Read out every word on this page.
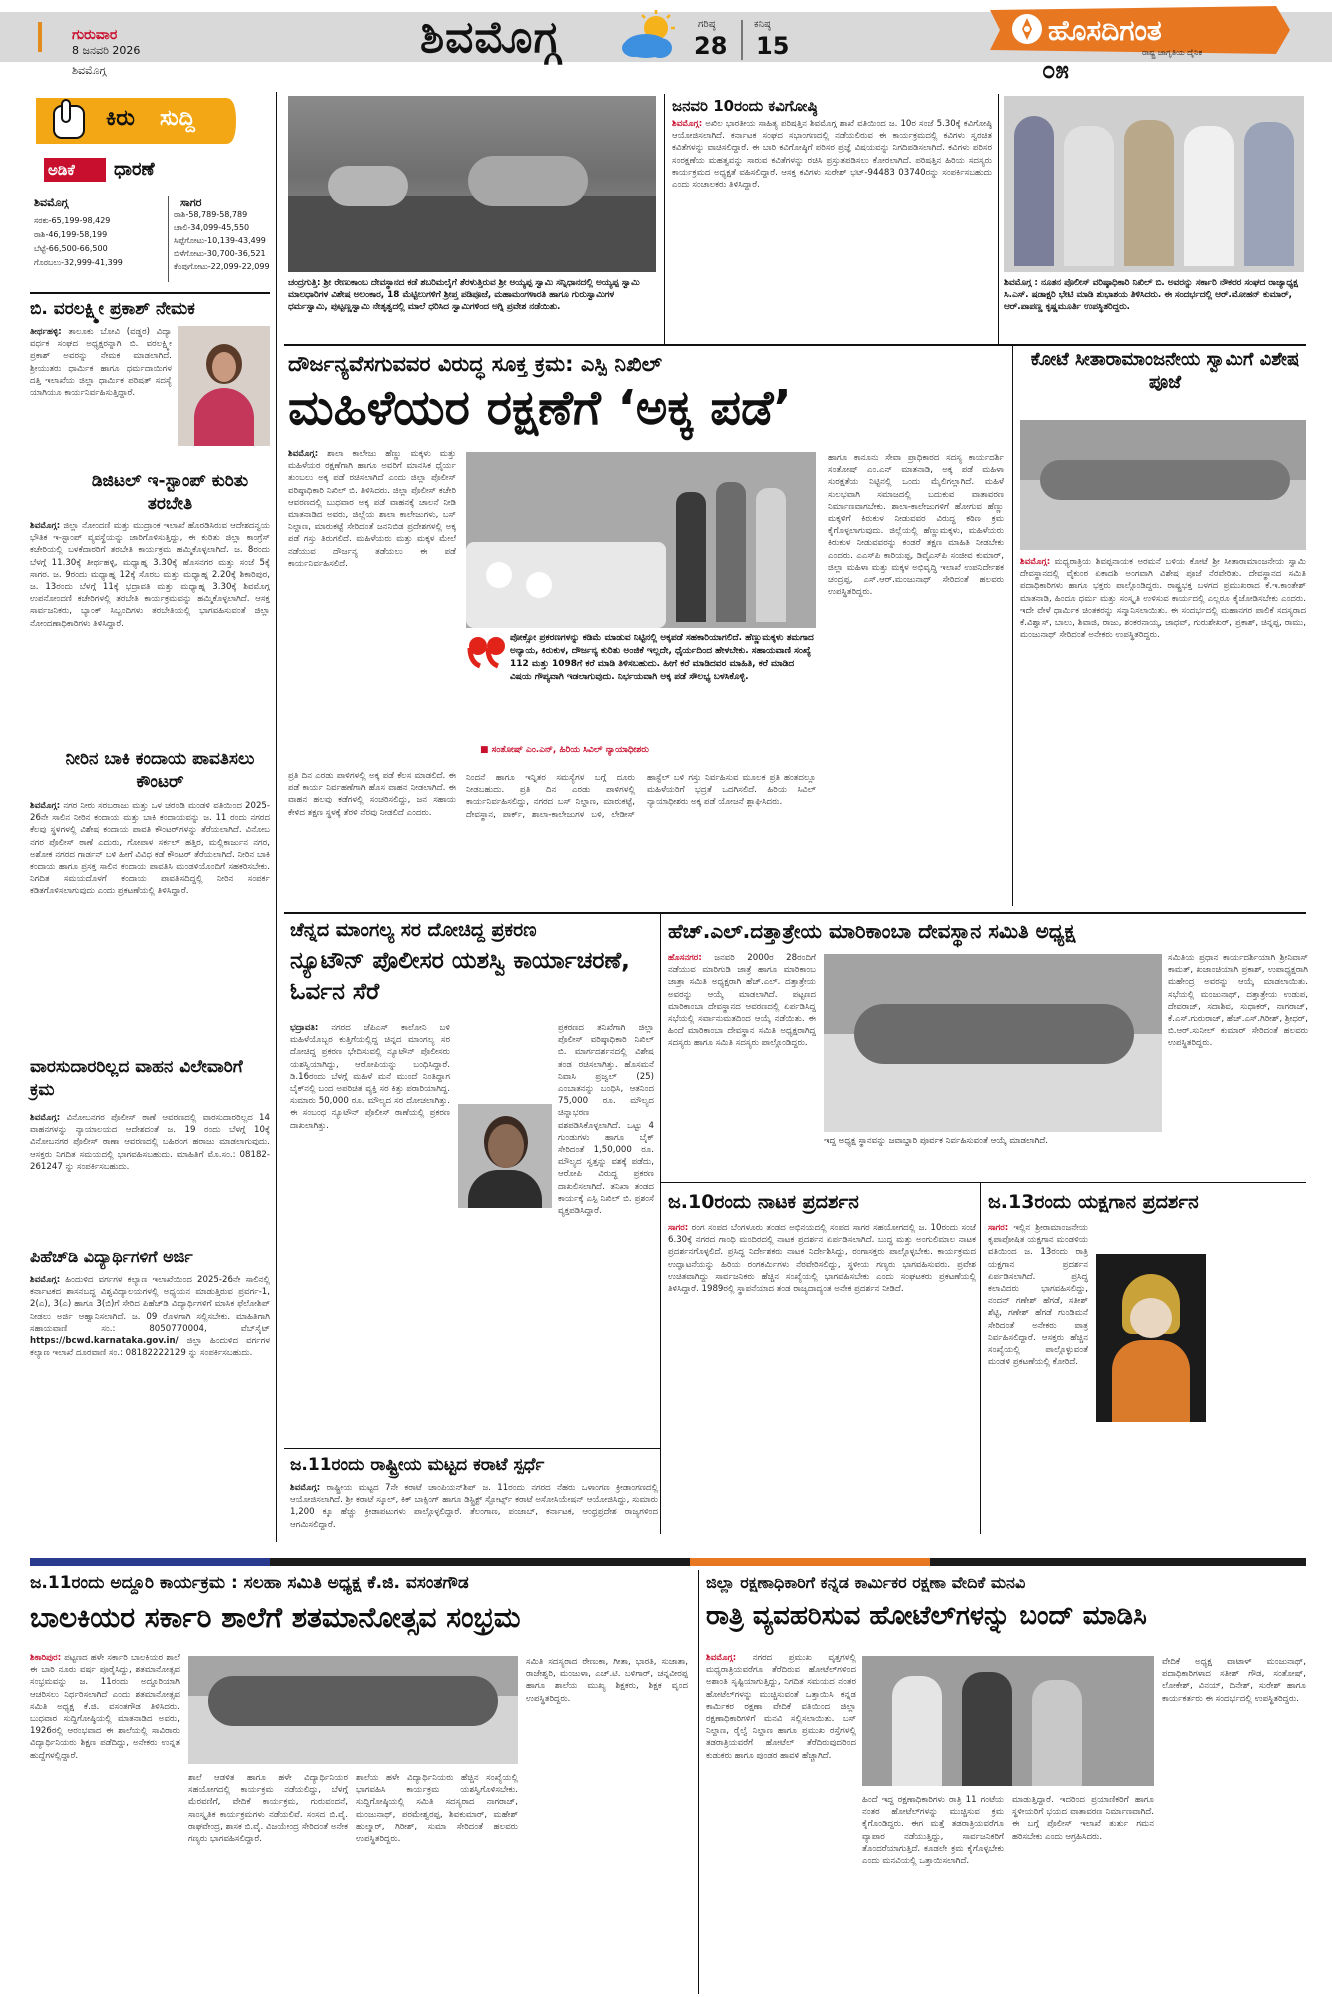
ಗುರುವಾರ
8 ಜನವರಿ 2026
ಶಿವಮೊಗ್ಗ
ಶಿವಮೊಗ್ಗ	ಗರಿಷ್ಠ
28
ಕನಿಷ್ಠ
15	ಹೊಸದಿಗಂತ
ರಾಷ್ಟ್ರ ಜಾಗೃತಿಯ ದೈನಿಕ
೦೫
ಕಿರು ಸುದ್ದಿ
ಅಡಿಕೆ ಧಾರಣೆ
ಶಿವಮೊಗ್ಗ	ಸಾಗರ
ಸರಕು-65,199-98,429
ರಾಶಿ-46,199-58,199
ಬೆಟ್ಟೆ-66,500-66,500
ಗೊರಬಲು-32,999-41,399
ರಾಶಿ-58,789-58,789
ಚಾಲಿ-34,099-45,550
ಸಿಪ್ಪೆಗೋಟು-10,139-43,499
ಬಿಳೆಗೋಟು-30,700-36,521
ಕೆಂಪುಗೋಟು-22,099-22,099
ಬಿ. ವರಲಕ್ಷ್ಮೀ ಪ್ರಕಾಶ್ ನೇಮಕ
ತೀರ್ಥಹಳ್ಳಿ: ತಾಲೂಕು ಬೋವಿ (ವಡ್ಡರ) ವಿದ್ಯಾ ವರ್ಧಕ ಸಂಘದ ಅಧ್ಯಕ್ಷರನ್ನಾಗಿ ಬಿ. ವರಲಕ್ಷ್ಮೀ ಪ್ರಕಾಶ್ ಅವರನ್ನು ನೇಮಕ ಮಾಡಲಾಗಿದೆ. ಶ್ರೀಯುತರು ಧಾರ್ಮಿಕ ಹಾಗೂ ಧರ್ಮದಾಯಿಗಳ ದತ್ತಿ ಇಲಾಖೆಯ ಜಿಲ್ಲಾ ಧಾರ್ಮಿಕ ಪರಿಷತ್ ಸದಸ್ಯೆ ಯಾಗಿಯೂ ಕಾರ್ಯನಿರ್ವಹಿಸುತ್ತಿದ್ದಾರೆ.
ಡಿಜಿಟಲ್ ಇ-ಸ್ಟಾಂಪ್ ಕುರಿತು ತರಬೇತಿ
ಶಿವಮೊಗ್ಗ: ಜಿಲ್ಲಾ ನೋಂದಣಿ ಮತ್ತು ಮುದ್ರಾಂಕ ಇಲಾಖೆ ಹೊರಡಿಸಿರುವ ಆದೇಶದನ್ವಯ ಭೌತಿಕ ಇ-ಸ್ಟಾಂಪ್ ವ್ಯವಸ್ಥೆಯನ್ನು ಜಾರಿಗೊಳಿಸುತ್ತಿದ್ದು, ಈ ಕುರಿತು ಜಿಲ್ಲಾ ಕಾಂಗ್ರೆಸ್ ಕಚೇರಿಯಲ್ಲಿ ಬಳಕೆದಾರರಿಗೆ ತರಬೇತಿ ಕಾರ್ಯಕ್ರಮ ಹಮ್ಮಿಕೊಳ್ಳಲಾಗಿದೆ. ಜ. 8ರಂದು ಬೆಳಗ್ಗೆ 11.30ಕ್ಕೆ ತೀರ್ಥಹಳ್ಳಿ, ಮಧ್ಯಾಹ್ನ 3.30ಕ್ಕೆ ಹೊಸನಗರ ಮತ್ತು ಸಂಜೆ 5ಕ್ಕೆ ಸಾಗರ. ಜ. 9ರಂದು ಮಧ್ಯಾಹ್ನ 12ಕ್ಕೆ ಸೊರಬ ಮತ್ತು ಮಧ್ಯಾಹ್ನ 2.20ಕ್ಕೆ ಶಿಕಾರಿಪುರ, ಜ. 13ರಂದು ಬೆಳಗ್ಗೆ 11ಕ್ಕೆ ಭದ್ರಾವತಿ ಮತ್ತು ಮಧ್ಯಾಹ್ನ 3.30ಕ್ಕೆ ಶಿವಮೊಗ್ಗ ಉಪನೋಂದಣಿ ಕಚೇರಿಗಳಲ್ಲಿ ತರಬೇತಿ ಕಾರ್ಯಕ್ರಮವನ್ನು ಹಮ್ಮಿಕೊಳ್ಳಲಾಗಿದೆ. ಆಸಕ್ತ ಸಾರ್ವಜನಿಕರು, ಬ್ಯಾಂಕ್ ಸಿಬ್ಬಂದಿಗಳು ತರಬೇತಿಯಲ್ಲಿ ಭಾಗವಹಿಸುವಂತೆ ಜಿಲ್ಲಾ ನೋಂದಣಾಧಿಕಾರಿಗಳು ತಿಳಿಸಿದ್ದಾರೆ.
ನೀರಿನ ಬಾಕಿ ಕಂದಾಯ ಪಾವತಿಸಲು ಕೌಂಟರ್
ಶಿವಮೊಗ್ಗ: ನಗರ ನೀರು ಸರಬರಾಜು ಮತ್ತು ಒಳ ಚರಂಡಿ ಮಂಡಳಿ ವತಿಯಿಂದ 2025-26ನೇ ಸಾಲಿನ ನೀರಿನ ಕಂದಾಯ ಮತ್ತು ಬಾಕಿ ಕಂದಾಯವನ್ನು ಜ. 11 ರಂದು ನಗರದ ಕೆಲವು ಸ್ಥಳಗಳಲ್ಲಿ ವಿಶೇಷ ಕಂದಾಯ ಪಾವತಿ ಕೌಂಟರ್‌ಗಳನ್ನು ತೆರೆಯಲಾಗಿದೆ. ವಿನೋಬ ನಗರ ಪೊಲೀಸ್ ಠಾಣೆ ಎದುರು, ಗೋಪಾಳ ಸರ್ಕಲ್ ಹತ್ತಿರ, ಮಲ್ಲಿಕಾರ್ಜುನ ನಗರ, ಅಶೋಕ ನಗರದ ಗಾರ್ಡನ್ ಬಳಿ ಹೀಗೆ ವಿವಿಧ ಕಡೆ ಕೌಂಟರ್ ತೆರೆಯಲಾಗಿದೆ. ನೀರಿನ ಬಾಕಿ ಕಂದಾಯ ಹಾಗೂ ಪ್ರಸಕ್ತ ಸಾಲಿನ ಕಂದಾಯ ಪಾವತಿಸಿ ಮಂಡಳಿಯೊಂದಿಗೆ ಸಹಕರಿಸಬೇಕು. ನಿಗದಿತ ಸಮಯದೊಳಗೆ ಕಂದಾಯ ಪಾವತಿಸದಿದ್ದಲ್ಲಿ ನೀರಿನ ಸಂಪರ್ಕ ಕಡಿತಗೊಳಿಸಲಾಗುವುದು ಎಂದು ಪ್ರಕಟಣೆಯಲ್ಲಿ ತಿಳಿಸಿದ್ದಾರೆ.
ವಾರಸುದಾರರಿಲ್ಲದ ವಾಹನ ವಿಲೇವಾರಿಗೆ ಕ್ರಮ
ಶಿವಮೊಗ್ಗ: ವಿನೋಬನಗರ ಪೊಲೀಸ್ ಠಾಣೆ ಆವರಣದಲ್ಲಿ ವಾರಸುದಾರರಿಲ್ಲದ 14 ವಾಹನಗಳನ್ನು ನ್ಯಾಯಾಲಯದ ಆದೇಶದಂತೆ ಜ. 19 ರಂದು ಬೆಳಗ್ಗೆ 10ಕ್ಕೆ ವಿನೋಬನಗರ ಪೊಲೀಸ್ ಠಾಣಾ ಆವರಣದಲ್ಲಿ ಬಹಿರಂಗ ಹರಾಜು ಮಾಡಲಾಗುವುದು. ಆಸಕ್ತರು ನಿಗದಿತ ಸಮಯದಲ್ಲಿ ಭಾಗವಹಿಸಬಹುದು. ಮಾಹಿತಿಗೆ ಮೊ.ಸಂ.: 08182-261247 ನ್ನು ಸಂಪರ್ಕಿಸಬಹುದು.
ಪಿಹೆಚ್‌ಡಿ ವಿದ್ಯಾರ್ಥಿಗಳಿಗೆ ಅರ್ಜಿ
ಶಿವಮೊಗ್ಗ: ಹಿಂದುಳಿದ ವರ್ಗಗಳ ಕಲ್ಯಾಣ ಇಲಾಖೆಯಿಂದ 2025-26ನೇ ಸಾಲಿನಲ್ಲಿ ಕರ್ನಾಟಕದ ಶಾಸನಬದ್ಧ ವಿಶ್ವವಿದ್ಯಾಲಯಗಳಲ್ಲಿ ಅಧ್ಯಯನ ಮಾಡುತ್ತಿರುವ ಪ್ರವರ್ಗ-1, 2(ಎ), 3(ಎ) ಹಾಗೂ 3(ಬಿ)ಗೆ ಸೇರಿದ ಪಿಹೆಚ್‌ಡಿ ವಿದ್ಯಾರ್ಥಿಗಳಿಗೆ ಮಾಸಿಕ ಫೆಲೋಶಿಪ್ ನೀಡಲು ಅರ್ಜಿ ಆಹ್ವಾನಿಸಲಾಗಿದೆ. ಜ. 09 ರೊಳಗಾಗಿ ಸಲ್ಲಿಸಬೇಕು. ಮಾಹಿತಿಗಾಗಿ ಸಹಾಯವಾಣಿ ಸಂ.: 8050770004, ವೆಬ್‌ಸೈಟ್ https://bcwd.karnataka.gov.in/ ಜಿಲ್ಲಾ ಹಿಂದುಳಿದ ವರ್ಗಗಳ ಕಲ್ಯಾಣ ಇಲಾಖೆ ದೂರವಾಣಿ ಸಂ.: 08182222129 ನ್ನು ಸಂಪರ್ಕಿಸಬಹುದು.
ಚಂದ್ರಗುತ್ತಿ: ಶ್ರೀ ರೇಣುಕಾಂಬ ದೇವಸ್ಥಾನದ ಕಡೆ ಶಬರಿಮಲೈಗೆ ತೆರಳುತ್ತಿರುವ ಶ್ರೀ ಅಯ್ಯಪ್ಪ ಸ್ವಾಮಿ ಸನ್ನಿಧಾನದಲ್ಲಿ ಅಯ್ಯಪ್ಪ ಸ್ವಾಮಿ ಮಾಲಧಾರಿಗಳ ವಿಶೇಷ ಅಲಂಕಾರ, 18 ಮೆಟ್ಟಿಲುಗಳಿಗೆ ಶ್ರೀಪ್ತ ಪಡಿಪೂಜೆ, ಮಹಾಮಂಗಳಾರತಿ ಹಾಗೂ ಗುರುಸ್ವಾಮಿಗಳ ಧರ್ಮಸ್ವಾಮಿ, ಪುಟ್ಟಣ್ಣಸ್ವಾಮಿ ನೇತೃತ್ವದಲ್ಲಿ ಮಾಲೆ ಧರಿಸಿದ ಸ್ವಾಮಿಗಳಿಂದ ಅಗ್ನಿ ಪ್ರವೇಶ ನಡೆಯಿತು.
ಜನವರಿ 10ರಂದು ಕವಿಗೋಷ್ಠಿ
ಶಿವಮೊಗ್ಗ: ಅಖಿಲ ಭಾರತೀಯ ಸಾಹಿತ್ಯ ಪರಿಷತ್ತಿನ ಶಿವಮೊಗ್ಗ ಶಾಖೆ ವತಿಯಿಂದ ಜ. 10ರ ಸಂಜೆ 5.30ಕ್ಕೆ ಕವಿಗೋಷ್ಠಿ ಆಯೋಜಿಸಲಾಗಿದೆ. ಕರ್ನಾಟಕ ಸಂಘದ ಸಭಾಂಗಣದಲ್ಲಿ ನಡೆಯಲಿರುವ ಈ ಕಾರ್ಯಕ್ರಮದಲ್ಲಿ ಕವಿಗಳು ಸ್ವರಚಿತ ಕವಿತೆಗಳನ್ನು ವಾಚಿಸಲಿದ್ದಾರೆ. ಈ ಬಾರಿ ಕವಿಗೋಷ್ಠಿಗೆ ಪರಿಸರ ಪ್ರಜ್ಞೆ ವಿಷಯವನ್ನು ನಿಗದಿಪಡಿಸಲಾಗಿದೆ. ಕವಿಗಳು ಪರಿಸರ ಸಂರಕ್ಷಣೆಯ ಮಹತ್ವವನ್ನು ಸಾರುವ ಕವಿತೆಗಳನ್ನು ರಚಿಸಿ ಪ್ರಸ್ತುತಪಡಿಸಲು ಕೋರಲಾಗಿದೆ. ಪರಿಷತ್ತಿನ ಹಿರಿಯ ಸದಸ್ಯರು ಕಾರ್ಯಕ್ರಮದ ಅಧ್ಯಕ್ಷತೆ ವಹಿಸಲಿದ್ದಾರೆ. ಆಸಕ್ತ ಕವಿಗಳು ಸುರೇಶ್ ಭಟ್-94483 03740ರನ್ನು ಸಂಪರ್ಕಿಸಬಹುದು ಎಂದು ಸಂಚಾಲಕರು ತಿಳಿಸಿದ್ದಾರೆ.
ಶಿವಮೊಗ್ಗ : ನೂತನ ಪೊಲೀಸ್ ವರಿಷ್ಠಾಧಿಕಾರಿ ನಿಖಿಲ್ ಬಿ. ಅವರನ್ನು ಸರ್ಕಾರಿ ನೌಕರರ ಸಂಘದ ರಾಜ್ಯಾಧ್ಯಕ್ಷ ಸಿ.ಎಸ್. ಷಡಾಕ್ಷರಿ ಭೇಟಿ ಮಾಡಿ ಶುಭಾಶಯ ತಿಳಿಸಿದರು. ಈ ಸಂದರ್ಭದಲ್ಲಿ ಆರ್.ಮೋಹನ್ ಕುಮಾರ್, ಆರ್.ಪಾಪಣ್ಣ ಕೃಷ್ಣಮೂರ್ತಿ ಉಪಸ್ಥಿತರಿದ್ದರು.
ದೌರ್ಜನ್ಯವೆಸಗುವವರ ವಿರುದ್ಧ ಸೂಕ್ತ ಕ್ರಮ: ಎಸ್ಪಿ ನಿಖಿಲ್
ಮಹಿಳೆಯರ ರಕ್ಷಣೆಗೆ ‘ಅಕ್ಕ ಪಡೆ’
ಶಿವಮೊಗ್ಗ: ಶಾಲಾ ಕಾಲೇಜು ಹೆಣ್ಣು ಮಕ್ಕಳು ಮತ್ತು ಮಹಿಳೆಯರ ರಕ್ಷಣೆಗಾಗಿ ಹಾಗೂ ಅವರಿಗೆ ಮಾನಸಿಕ ಧೈರ್ಯ ತುಂಬಲು ಅಕ್ಕ ಪಡೆ ರಚಿಸಲಾಗಿದೆ ಎಂದು ಜಿಲ್ಲಾ ಪೊಲೀಸ್ ವರಿಷ್ಠಾಧಿಕಾರಿ ನಿಖಿಲ್ ಬಿ. ತಿಳಿಸಿದರು. ಜಿಲ್ಲಾ ಪೊಲೀಸ್ ಕಚೇರಿ ಆವರಣದಲ್ಲಿ ಬುಧವಾರ ಅಕ್ಕ ಪಡೆ ವಾಹನಕ್ಕೆ ಚಾಲನೆ ನೀಡಿ ಮಾತನಾಡಿದ ಅವರು, ಜಿಲ್ಲೆಯ ಶಾಲಾ ಕಾಲೇಜುಗಳು, ಬಸ್ ನಿಲ್ದಾಣ, ಮಾರುಕಟ್ಟೆ ಸೇರಿದಂತೆ ಜನನಿಬಿಡ ಪ್ರದೇಶಗಳಲ್ಲಿ ಅಕ್ಕ ಪಡೆ ಗಸ್ತು ತಿರುಗಲಿದೆ. ಮಹಿಳೆಯರು ಮತ್ತು ಮಕ್ಕಳ ಮೇಲೆ ನಡೆಯುವ ದೌರ್ಜನ್ಯ ತಡೆಯಲು ಈ ಪಡೆ ಕಾರ್ಯನಿರ್ವಹಿಸಲಿದೆ.
ಪ್ರತಿ ದಿನ ಎರಡು ಪಾಳಿಗಳಲ್ಲಿ ಅಕ್ಕ ಪಡೆ ಕೆಲಸ ಮಾಡಲಿದೆ. ಈ ಪಡೆ ಕಾರ್ಯ ನಿರ್ವಹಣೆಗಾಗಿ ಹೊಸ ವಾಹನ ನೀಡಲಾಗಿದೆ. ಈ ವಾಹನ ಹಲವು ಕಡೆಗಳಲ್ಲಿ ಸಂಚರಿಸಲಿದ್ದು, ಜನ ಸಹಾಯ ಕೇಳಿದ ತಕ್ಷಣ ಸ್ಥಳಕ್ಕೆ ತೆರಳಿ ನೆರವು ನೀಡಲಿದೆ ಎಂದರು.
ಪೋಕ್ಸೋ ಪ್ರಕರಣಗಳನ್ನು ಕಡಿಮೆ ಮಾಡುವ ನಿಟ್ಟಿನಲ್ಲಿ ಅಕ್ಕಪಡೆ ಸಹಕಾರಿಯಾಗಲಿದೆ. ಹೆಣ್ಣುಮಕ್ಕಳು ತಮಗಾದ ಅನ್ಯಾಯ, ಕಿರುಕುಳ, ದೌರ್ಜನ್ಯ ಕುರಿತು ಅಂಜಿಕೆ ಇಲ್ಲದೇ, ಧೈರ್ಯದಿಂದ ಹೇಳಬೇಕು. ಸಹಾಯವಾಣಿ ಸಂಖ್ಯೆ 112 ಮತ್ತು 1098ಗೆ ಕರೆ ಮಾಡಿ ತಿಳಿಸಬಹುದು. ಹೀಗೆ ಕರೆ ಮಾಡಿದವರ ಮಾಹಿತಿ, ಕರೆ ಮಾಡಿದ ವಿಷಯ ಗೌಪ್ಯವಾಗಿ ಇಡಲಾಗುವುದು. ನಿರ್ಭಯವಾಗಿ ಅಕ್ಕ ಪಡೆ ಸೌಲಭ್ಯ ಬಳಸಿಕೊಳ್ಳಿ.
■ ಸಂತೋಷ್ ಎಂ.ಎನ್, ಹಿರಿಯ ಸಿವಿಲ್ ನ್ಯಾಯಾಧೀಶರು
ಹಾಗೂ ಕಾನೂನು ಸೇವಾ ಪ್ರಾಧಿಕಾರದ ಸದಸ್ಯ ಕಾರ್ಯದರ್ಶಿ ಸಂತೋಷ್ ಎಂ.ಎನ್ ಮಾತನಾಡಿ, ಅಕ್ಕ ಪಡೆ ಮಹಿಳಾ ಸುರಕ್ಷತೆಯ ನಿಟ್ಟಿನಲ್ಲಿ ಒಂದು ಮೈಲಿಗಲ್ಲಾಗಿದೆ. ಮಹಿಳೆ ಸುಲಭವಾಗಿ ಸಮಾಜದಲ್ಲಿ ಬದುಕುವ ವಾತಾವರಣ ನಿರ್ಮಾಣವಾಗಬೇಕು. ಶಾಲಾ-ಕಾಲೇಜುಗಳಿಗೆ ಹೋಗುವ ಹೆಣ್ಣು ಮಕ್ಕಳಿಗೆ ಕಿರುಕುಳ ನೀಡುವವರ ವಿರುದ್ಧ ಕಠಿಣ ಕ್ರಮ ಕೈಗೊಳ್ಳಲಾಗುವುದು. ಜಿಲ್ಲೆಯಲ್ಲಿ ಹೆಣ್ಣುಮಕ್ಕಳು, ಮಹಿಳೆಯರು ಕಿರುಕುಳ ನೀಡುವವರನ್ನು ಕಂಡರೆ ತಕ್ಷಣ ಮಾಹಿತಿ ನೀಡಬೇಕು ಎಂದರು. ಎಎಸ್‌ಪಿ ಕಾರಿಯಪ್ಪ, ಡಿವೈಎಸ್‌ಪಿ ಸಂಜೀವ ಕುಮಾರ್, ಜಿಲ್ಲಾ ಮಹಿಳಾ ಮತ್ತು ಮಕ್ಕಳ ಅಭಿವೃದ್ಧಿ ಇಲಾಖೆ ಉಪನಿರ್ದೇಶಕ ಚಂದ್ರಪ್ಪ, ಎಸ್.ಆರ್.ಮಂಜುನಾಥ್ ಸೇರಿದಂತೆ ಹಲವರು ಉಪಸ್ಥಿತರಿದ್ದರು.
ನಿಂದನೆ ಹಾಗೂ ಇನ್ನಿತರ ಸಮಸ್ಯೆಗಳ ಬಗ್ಗೆ ದೂರು ನೀಡಬಹುದು. ಪ್ರತಿ ದಿನ ಎರಡು ಪಾಳಿಗಳಲ್ಲಿ ಕಾರ್ಯನಿರ್ವಹಿಸಲಿದ್ದು, ನಗರದ ಬಸ್ ನಿಲ್ದಾಣ, ಮಾರುಕಟ್ಟೆ, ದೇವಸ್ಥಾನ, ಪಾರ್ಕ್, ಶಾಲಾ-ಕಾಲೇಜುಗಳ ಬಳಿ, ಲೇಡೀಸ್ ಹಾಸ್ಟೆಲ್ ಬಳಿ ಗಸ್ತು ನಿರ್ವಹಿಸುವ ಮೂಲಕ ಪ್ರತಿ ಹಂತದಲ್ಲೂ ಮಹಿಳೆಯರಿಗೆ ಭದ್ರತೆ ಒದಗಿಸಲಿದೆ. ಹಿರಿಯ ಸಿವಿಲ್ ನ್ಯಾಯಾಧೀಶರು ಅಕ್ಕ ಪಡೆ ಯೋಜನೆ ಶ್ಲಾಘಿಸಿದರು.
ಕೋಟೆ ಸೀತಾರಾಮಾಂಜನೇಯ ಸ್ವಾಮಿಗೆ ವಿಶೇಷ ಪೂಜೆ
ಶಿವಮೊಗ್ಗ: ಮಧ್ಯರಾತ್ರಿಯ ಶಿವಪ್ಪನಾಯಕ ಅರಮನೆ ಬಳಿಯ ಕೋಟೆ ಶ್ರೀ ಸೀತಾರಾಮಾಂಜನೇಯ ಸ್ವಾಮಿ ದೇವಸ್ಥಾನದಲ್ಲಿ ವೈಕುಂಠ ಏಕಾದಶಿ ಅಂಗವಾಗಿ ವಿಶೇಷ ಪೂಜೆ ನೆರವೇರಿತು. ದೇವಸ್ಥಾನದ ಸಮಿತಿ ಪದಾಧಿಕಾರಿಗಳು ಹಾಗೂ ಭಕ್ತರು ಪಾಲ್ಗೊಂಡಿದ್ದರು. ರಾಷ್ಟ್ರಭಕ್ತ ಬಳಗದ ಪ್ರಮುಖರಾದ ಕೆ.ಇ.ಕಾಂತೇಶ್ ಮಾತನಾಡಿ, ಹಿಂದೂ ಧರ್ಮ ಮತ್ತು ಸಂಸ್ಕೃತಿ ಉಳಿಸುವ ಕಾರ್ಯದಲ್ಲಿ ಎಲ್ಲರೂ ಕೈಜೋಡಿಸಬೇಕು ಎಂದರು. ಇದೇ ವೇಳೆ ಧಾರ್ಮಿಕ ಚಿಂತಕರನ್ನು ಸನ್ಮಾನಿಸಲಾಯಿತು. ಈ ಸಂದರ್ಭದಲ್ಲಿ ಮಹಾನಗರ ಪಾಲಿಕೆ ಸದಸ್ಯರಾದ ಕೆ.ವಿಶ್ವಾಸ್, ಬಾಲು, ಶಿವಾಜಿ, ರಾಜು, ಶಂಕರನಾಯ್ಕ, ಜಾಧವ್, ಗುರುಶೇಖರ್, ಪ್ರಕಾಶ್, ಚಿನ್ನಪ್ಪ, ರಾಮು, ಮಂಜುನಾಥ್ ಸೇರಿದಂತೆ ಅನೇಕರು ಉಪಸ್ಥಿತರಿದ್ದರು.
ಚೆನ್ನದ ಮಾಂಗಲ್ಯ ಸರ ದೋಚಿದ್ದ ಪ್ರಕರಣ
ನ್ಯೂಟೌನ್ ಪೊಲೀಸರ ಯಶಸ್ವಿ ಕಾರ್ಯಾಚರಣೆ, ಓರ್ವನ ಸೆರೆ
ಭದ್ರಾವತಿ: ನಗರದ ಜೆಪಿಎಸ್ ಕಾಲೋನಿ ಬಳಿ ಮಹಿಳೆಯೊಬ್ಬರ ಕುತ್ತಿಗೆಯಲ್ಲಿದ್ದ ಚಿನ್ನದ ಮಾಂಗಲ್ಯ ಸರ ದೋಚಿದ್ದ ಪ್ರಕರಣ ಭೇದಿಸುವಲ್ಲಿ ನ್ಯೂಟೌನ್ ಪೊಲೀಸರು ಯಶಸ್ವಿಯಾಗಿದ್ದು, ಆರೋಪಿಯನ್ನು ಬಂಧಿಸಿದ್ದಾರೆ. ಡಿ.16ರಂದು ಬೆಳಗ್ಗೆ ಮಹಿಳೆ ಮನೆ ಮುಂದೆ ನಿಂತಿದ್ದಾಗ ಬೈಕ್‌ನಲ್ಲಿ ಬಂದ ಅಪರಿಚಿತ ವ್ಯಕ್ತಿ ಸರ ಕಿತ್ತು ಪರಾರಿಯಾಗಿದ್ದ. ಸುಮಾರು 50,000 ರೂ. ಮೌಲ್ಯದ ಸರ ದೋಚಲಾಗಿತ್ತು. ಈ ಸಂಬಂಧ ನ್ಯೂಟೌನ್ ಪೊಲೀಸ್ ಠಾಣೆಯಲ್ಲಿ ಪ್ರಕರಣ ದಾಖಲಾಗಿತ್ತು.
ಪ್ರಕರಣದ ತನಿಖೆಗಾಗಿ ಜಿಲ್ಲಾ ಪೊಲೀಸ್ ವರಿಷ್ಠಾಧಿಕಾರಿ ನಿಖಿಲ್ ಬಿ. ಮಾರ್ಗದರ್ಶನದಲ್ಲಿ ವಿಶೇಷ ತಂಡ ರಚಿಸಲಾಗಿತ್ತು. ಹೊಸಮನೆ ನಿವಾಸಿ ಪ್ರಜ್ವಲ್ (25) ಎಂಬಾತನನ್ನು ಬಂಧಿಸಿ, ಆತನಿಂದ 75,000 ರೂ. ಮೌಲ್ಯದ ಚಿನ್ನಾಭರಣ ವಶಪಡಿಸಿಕೊಳ್ಳಲಾಗಿದೆ. ಒಟ್ಟು 4 ಗುಂಡುಗಳು ಹಾಗೂ ಬೈಕ್ ಸೇರಿದಂತೆ 1,50,000 ರೂ. ಮೌಲ್ಯದ ಸ್ವತ್ತನ್ನು ವಶಕ್ಕೆ ಪಡೆದು, ಆರೋಪಿ ವಿರುದ್ಧ ಪ್ರಕರಣ ದಾಖಲಿಸಲಾಗಿದೆ. ತನಿಖಾ ತಂಡದ ಕಾರ್ಯಕ್ಕೆ ಎಸ್ಪಿ ನಿಖಿಲ್ ಬಿ. ಪ್ರಶಂಸೆ ವ್ಯಕ್ತಪಡಿಸಿದ್ದಾರೆ.
ಜ.11ರಂದು ರಾಷ್ಟ್ರೀಯ ಮಟ್ಟದ ಕರಾಟೆ ಸ್ಪರ್ಧೆ
ಶಿವಮೊಗ್ಗ: ರಾಷ್ಟ್ರೀಯ ಮಟ್ಟದ 7ನೇ ಕರಾಟೆ ಚಾಂಪಿಯನ್‌ಶಿಪ್ ಜ. 11ರಂದು ನಗರದ ನೆಹರು ಒಳಾಂಗಣ ಕ್ರೀಡಾಂಗಣದಲ್ಲಿ ಆಯೋಜಿಸಲಾಗಿದೆ. ಶ್ರೀ ಕರಾಟೆ ಸ್ಕೂಲ್, ಕಿಕ್ ಬಾಕ್ಸಿಂಗ್ ಹಾಗೂ ಡಿಸ್ಟ್ರಿಕ್ಟ್ ಸ್ಪೋರ್ಟ್ಸ್ ಕರಾಟೆ ಅಸೋಸಿಯೇಷನ್ ಆಯೋಜಿಸಿದ್ದು, ಸುಮಾರು 1,200 ಕ್ಕೂ ಹೆಚ್ಚು ಕ್ರೀಡಾಪಟುಗಳು ಪಾಲ್ಗೊಳ್ಳಲಿದ್ದಾರೆ. ತೆಲಂಗಾಣ, ಪಂಜಾಬ್, ಕರ್ನಾಟಕ, ಆಂಧ್ರಪ್ರದೇಶ ರಾಜ್ಯಗಳಿಂದ ಆಗಮಿಸಲಿದ್ದಾರೆ.
ಹೆಚ್.ಎಲ್.ದತ್ತಾತ್ರೇಯ ಮಾರಿಕಾಂಬಾ ದೇವಸ್ಥಾನ ಸಮಿತಿ ಅಧ್ಯಕ್ಷ
ಹೊಸನಗರ: ಜನವರಿ 2000ರ 28ರಂದಿಗೆ ನಡೆಯುವ ಮಾರಿಗುಡಿ ಜಾತ್ರೆ ಹಾಗೂ ಮಾರಿಕಾಂಬ ಜಾತ್ರಾ ಸಮಿತಿ ಅಧ್ಯಕ್ಷರಾಗಿ ಹೆಚ್.ಎಲ್. ದತ್ತಾತ್ರೇಯ ಅವರನ್ನು ಆಯ್ಕೆ ಮಾಡಲಾಗಿದೆ. ಪಟ್ಟಣದ ಮಾರಿಕಾಂಬಾ ದೇವಸ್ಥಾನದ ಆವರಣದಲ್ಲಿ ಏರ್ಪಡಿಸಿದ್ದ ಸಭೆಯಲ್ಲಿ ಸರ್ವಾನುಮತದಿಂದ ಆಯ್ಕೆ ನಡೆಯಿತು. ಈ ಹಿಂದೆ ಮಾರಿಕಾಂಬಾ ದೇವಸ್ಥಾನ ಸಮಿತಿ ಅಧ್ಯಕ್ಷರಾಗಿದ್ದ ಸದಸ್ಯರು ಹಾಗೂ ಸಮಿತಿ ಸದಸ್ಯರು ಪಾಲ್ಗೊಂಡಿದ್ದರು.
ಇದ್ದ ಅಧ್ಯಕ್ಷ ಸ್ಥಾನವನ್ನು ಜವಾಬ್ದಾರಿ ಪೂರ್ವಕ ನಿರ್ವಹಿಸುವಂತೆ ಆಯ್ಕೆ ಮಾಡಲಾಗಿದೆ.
ಸಮಿತಿಯ ಪ್ರಧಾನ ಕಾರ್ಯದರ್ಶಿಯಾಗಿ ಶ್ರೀನಿವಾಸ್ ಕಾಮತ್, ಖಜಾಂಚಿಯಾಗಿ ಪ್ರಕಾಶ್, ಉಪಾಧ್ಯಕ್ಷರಾಗಿ ಮಹೇಂದ್ರ ಅವರನ್ನು ಆಯ್ಕೆ ಮಾಡಲಾಯಿತು. ಸಭೆಯಲ್ಲಿ ಮಂಜುನಾಥ್, ದತ್ತಾತ್ರೇಯ ಉಡುಪ, ದೇವರಾಜ್, ಸದಾಶಿವ, ಸುಧಾಕರ್, ನಾಗರಾಜ್, ಕೆ.ಎಸ್.ಗುರುರಾಜ್, ಹೆಚ್.ಎಸ್.ಗಿರೀಶ್, ಶ್ರೀಧರ್, ಬಿ.ಆರ್.ಸುನೀಲ್ ಕುಮಾರ್ ಸೇರಿದಂತೆ ಹಲವರು ಉಪಸ್ಥಿತರಿದ್ದರು.
ಜ.10ರಂದು ನಾಟಕ ಪ್ರದರ್ಶನ
ಸಾಗರ: ರಂಗ ಸಂಪದ ಬೆಂಗಳೂರು ತಂಡದ ಅಭಿನಯದಲ್ಲಿ ಸಂಪದ ಸಾಗರ ಸಹಯೋಗದಲ್ಲಿ ಜ. 10ರಂದು ಸಂಜೆ 6.30ಕ್ಕೆ ನಗರದ ಗಾಂಧಿ ಮಂದಿರದಲ್ಲಿ ನಾಟಕ ಪ್ರದರ್ಶನ ಏರ್ಪಡಿಸಲಾಗಿದೆ. ಬುದ್ಧ ಮತ್ತು ಅಂಗುಲಿಮಾಲ ನಾಟಕ ಪ್ರದರ್ಶನಗೊಳ್ಳಲಿದೆ. ಪ್ರಸಿದ್ಧ ನಿರ್ದೇಶಕರು ನಾಟಕ ನಿರ್ದೇಶಿಸಿದ್ದು, ರಂಗಾಸಕ್ತರು ಪಾಲ್ಗೊಳ್ಳಬೇಕು. ಕಾರ್ಯಕ್ರಮದ ಉದ್ಘಾಟನೆಯನ್ನು ಹಿರಿಯ ರಂಗಕರ್ಮಿಗಳು ನೆರವೇರಿಸಲಿದ್ದು, ಸ್ಥಳೀಯ ಗಣ್ಯರು ಭಾಗವಹಿಸುವರು. ಪ್ರವೇಶ ಉಚಿತವಾಗಿದ್ದು ಸಾರ್ವಜನಿಕರು ಹೆಚ್ಚಿನ ಸಂಖ್ಯೆಯಲ್ಲಿ ಭಾಗವಹಿಸಬೇಕು ಎಂದು ಸಂಘಟಕರು ಪ್ರಕಟಣೆಯಲ್ಲಿ ತಿಳಿಸಿದ್ದಾರೆ. 1989ರಲ್ಲಿ ಸ್ಥಾಪನೆಯಾದ ತಂಡ ರಾಜ್ಯದಾದ್ಯಂತ ಅನೇಕ ಪ್ರದರ್ಶನ ನೀಡಿದೆ.
ಜ.13ರಂದು ಯಕ್ಷಗಾನ ಪ್ರದರ್ಶನ
ಸಾಗರ: ಇಲ್ಲಿನ ಶ್ರೀರಾಮಾಂಜನೇಯ ಕೃಪಾಪೋಷಿತ ಯಕ್ಷಗಾನ ಮಂಡಳಿಯ ವತಿಯಿಂದ ಜ. 13ರಂದು ರಾತ್ರಿ ಯಕ್ಷಗಾನ ಪ್ರದರ್ಶನ ಏರ್ಪಡಿಸಲಾಗಿದೆ. ಪ್ರಸಿದ್ಧ ಕಲಾವಿದರು ಭಾಗವಹಿಸಲಿದ್ದು, ನಂದನ್ ಗಣೇಶ್ ಹೆಗಡೆ, ಸತೀಶ್ ಶೆಟ್ಟಿ, ಗಣೇಶ್ ಹೆಗಡೆ ಗುಂಡಿಮನೆ ಸೇರಿದಂತೆ ಅನೇಕರು ಪಾತ್ರ ನಿರ್ವಹಿಸಲಿದ್ದಾರೆ. ಆಸಕ್ತರು ಹೆಚ್ಚಿನ ಸಂಖ್ಯೆಯಲ್ಲಿ ಪಾಲ್ಗೊಳ್ಳುವಂತೆ ಮಂಡಳಿ ಪ್ರಕಟಣೆಯಲ್ಲಿ ಕೋರಿದೆ.
ಜ.11ರಂದು ಅದ್ದೂರಿ ಕಾರ್ಯಕ್ರಮ : ಸಲಹಾ ಸಮಿತಿ ಅಧ್ಯಕ್ಷ ಕೆ.ಜಿ. ವಸಂತಗೌಡ
ಬಾಲಕಿಯರ ಸರ್ಕಾರಿ ಶಾಲೆಗೆ ಶತಮಾನೋತ್ಸವ ಸಂಭ್ರಮ
ಶಿಕಾರಿಪುರ: ಪಟ್ಟಣದ ಹಳೇ ಸರ್ಕಾರಿ ಬಾಲಕಿಯರ ಶಾಲೆ ಈ ಬಾರಿ ನೂರು ವರ್ಷ ಪೂರೈಸಿದ್ದು, ಶತಮಾನೋತ್ಸವ ಸಂಭ್ರಮವನ್ನು ಜ. 11ರಂದು ಅದ್ದೂರಿಯಾಗಿ ಆಚರಿಸಲು ನಿರ್ಧರಿಸಲಾಗಿದೆ ಎಂದು ಶತಮಾನೋತ್ಸವ ಸಮಿತಿ ಅಧ್ಯಕ್ಷ ಕೆ.ಜಿ. ವಸಂತಗೌಡ ತಿಳಿಸಿದರು. ಬುಧವಾರ ಸುದ್ದಿಗೋಷ್ಠಿಯಲ್ಲಿ ಮಾತನಾಡಿದ ಅವರು, 1926ರಲ್ಲಿ ಆರಂಭವಾದ ಈ ಶಾಲೆಯಲ್ಲಿ ಸಾವಿರಾರು ವಿದ್ಯಾರ್ಥಿನಿಯರು ಶಿಕ್ಷಣ ಪಡೆದಿದ್ದು, ಅನೇಕರು ಉನ್ನತ ಹುದ್ದೆಗಳಲ್ಲಿದ್ದಾರೆ.
ಶಾಲೆ ಆಡಳಿತ ಹಾಗೂ ಹಳೇ ವಿದ್ಯಾರ್ಥಿನಿಯರ ಸಹಯೋಗದಲ್ಲಿ ಕಾರ್ಯಕ್ರಮ ನಡೆಯಲಿದ್ದು, ಬೆಳಗ್ಗೆ ಮೆರವಣಿಗೆ, ವೇದಿಕೆ ಕಾರ್ಯಕ್ರಮ, ಗುರುವಂದನೆ, ಸಾಂಸ್ಕೃತಿಕ ಕಾರ್ಯಕ್ರಮಗಳು ನಡೆಯಲಿವೆ. ಸಂಸದ ಬಿ.ವೈ. ರಾಘವೇಂದ್ರ, ಶಾಸಕ ಬಿ.ವೈ. ವಿಜಯೇಂದ್ರ ಸೇರಿದಂತೆ ಅನೇಕ ಗಣ್ಯರು ಭಾಗವಹಿಸಲಿದ್ದಾರೆ.
ಶಾಲೆಯ ಹಳೇ ವಿದ್ಯಾರ್ಥಿನಿಯರು ಹೆಚ್ಚಿನ ಸಂಖ್ಯೆಯಲ್ಲಿ ಭಾಗವಹಿಸಿ ಕಾರ್ಯಕ್ರಮ ಯಶಸ್ವಿಗೊಳಿಸಬೇಕು. ಸುದ್ದಿಗೋಷ್ಠಿಯಲ್ಲಿ ಸಮಿತಿ ಸದಸ್ಯರಾದ ನಾಗರಾಜ್, ಮಂಜುನಾಥ್, ಪರಮೇಶ್ವರಪ್ಪ, ಶಿವಕುಮಾರ್, ಮಹೇಶ್ ಹುಲ್ಮಾರ್, ಗಿರೀಶ್, ಸುಮಾ ಸೇರಿದಂತೆ ಹಲವರು ಉಪಸ್ಥಿತರಿದ್ದರು.
ಸಮಿತಿ ಸದಸ್ಯರಾದ ರೇಣುಕಾ, ಗೀತಾ, ಭಾರತಿ, ಸುಜಾತಾ, ರಾಜೇಶ್ವರಿ, ಮಂಜುಳಾ, ಎಚ್.ಟಿ. ಬಳಿಗಾರ್, ಚನ್ನವೀರಪ್ಪ ಹಾಗೂ ಶಾಲೆಯ ಮುಖ್ಯ ಶಿಕ್ಷಕರು, ಶಿಕ್ಷಕ ವೃಂದ ಉಪಸ್ಥಿತರಿದ್ದರು.
ಜಿಲ್ಲಾ ರಕ್ಷಣಾಧಿಕಾರಿಗೆ ಕನ್ನಡ ಕಾರ್ಮಿಕರ ರಕ್ಷಣಾ ವೇದಿಕೆ ಮನವಿ
ರಾತ್ರಿ ವ್ಯವಹರಿಸುವ ಹೋಟೆಲ್‌ಗಳನ್ನು ಬಂದ್ ಮಾಡಿಸಿ
ಶಿವಮೊಗ್ಗ: ನಗರದ ಪ್ರಮುಖ ವೃತ್ತಗಳಲ್ಲಿ ಮಧ್ಯರಾತ್ರಿಯವರೆಗೂ ತೆರೆದಿರುವ ಹೋಟೆಲ್‌ಗಳಿಂದ ಅಶಾಂತಿ ಸೃಷ್ಟಿಯಾಗುತ್ತಿದ್ದು, ನಿಗದಿತ ಸಮಯದ ನಂತರ ಹೋಟೆಲ್‌ಗಳನ್ನು ಮುಚ್ಚಿಸುವಂತೆ ಒತ್ತಾಯಿಸಿ ಕನ್ನಡ ಕಾರ್ಮಿಕರ ರಕ್ಷಣಾ ವೇದಿಕೆ ವತಿಯಿಂದ ಜಿಲ್ಲಾ ರಕ್ಷಣಾಧಿಕಾರಿಗಳಿಗೆ ಮನವಿ ಸಲ್ಲಿಸಲಾಯಿತು. ಬಸ್ ನಿಲ್ದಾಣ, ರೈಲ್ವೆ ನಿಲ್ದಾಣ ಹಾಗೂ ಪ್ರಮುಖ ರಸ್ತೆಗಳಲ್ಲಿ ತಡರಾತ್ರಿಯವರೆಗೆ ಹೋಟೆಲ್ ತೆರೆದಿರುವುದರಿಂದ ಕುಡುಕರು ಹಾಗೂ ಪುಂಡರ ಹಾವಳಿ ಹೆಚ್ಚಾಗಿದೆ.
ಹಿಂದೆ ಇದ್ದ ರಕ್ಷಣಾಧಿಕಾರಿಗಳು ರಾತ್ರಿ 11 ಗಂಟೆಯ ನಂತರ ಹೋಟೆಲ್‌ಗಳನ್ನು ಮುಚ್ಚಿಸುವ ಕ್ರಮ ಕೈಗೊಂಡಿದ್ದರು. ಈಗ ಮತ್ತೆ ತಡರಾತ್ರಿಯವರೆಗೂ ವ್ಯಾಪಾರ ನಡೆಯುತ್ತಿದ್ದು, ಸಾರ್ವಜನಿಕರಿಗೆ ತೊಂದರೆಯಾಗುತ್ತಿದೆ. ಕೂಡಲೇ ಕ್ರಮ ಕೈಗೊಳ್ಳಬೇಕು ಎಂದು ಮನವಿಯಲ್ಲಿ ಒತ್ತಾಯಿಸಲಾಗಿದೆ.
ಮಾಡುತ್ತಿದ್ದಾರೆ. ಇದರಿಂದ ಪ್ರಯಾಣಿಕರಿಗೆ ಹಾಗೂ ಸ್ಥಳೀಯರಿಗೆ ಭಯದ ವಾತಾವರಣ ನಿರ್ಮಾಣವಾಗಿದೆ. ಈ ಬಗ್ಗೆ ಪೊಲೀಸ್ ಇಲಾಖೆ ತುರ್ತು ಗಮನ ಹರಿಸಬೇಕು ಎಂದು ಆಗ್ರಹಿಸಿದರು.
ವೇದಿಕೆ ಅಧ್ಯಕ್ಷ ವಾಟಾಳ್ ಮಂಜುನಾಥ್, ಪದಾಧಿಕಾರಿಗಳಾದ ಸತೀಶ್ ಗೌಡ, ಸಂತೋಷ್, ಲೋಕೇಶ್, ವಿನಯ್, ದಿನೇಶ್, ಸುರೇಶ್ ಹಾಗೂ ಕಾರ್ಯಕರ್ತರು ಈ ಸಂದರ್ಭದಲ್ಲಿ ಉಪಸ್ಥಿತರಿದ್ದರು.
